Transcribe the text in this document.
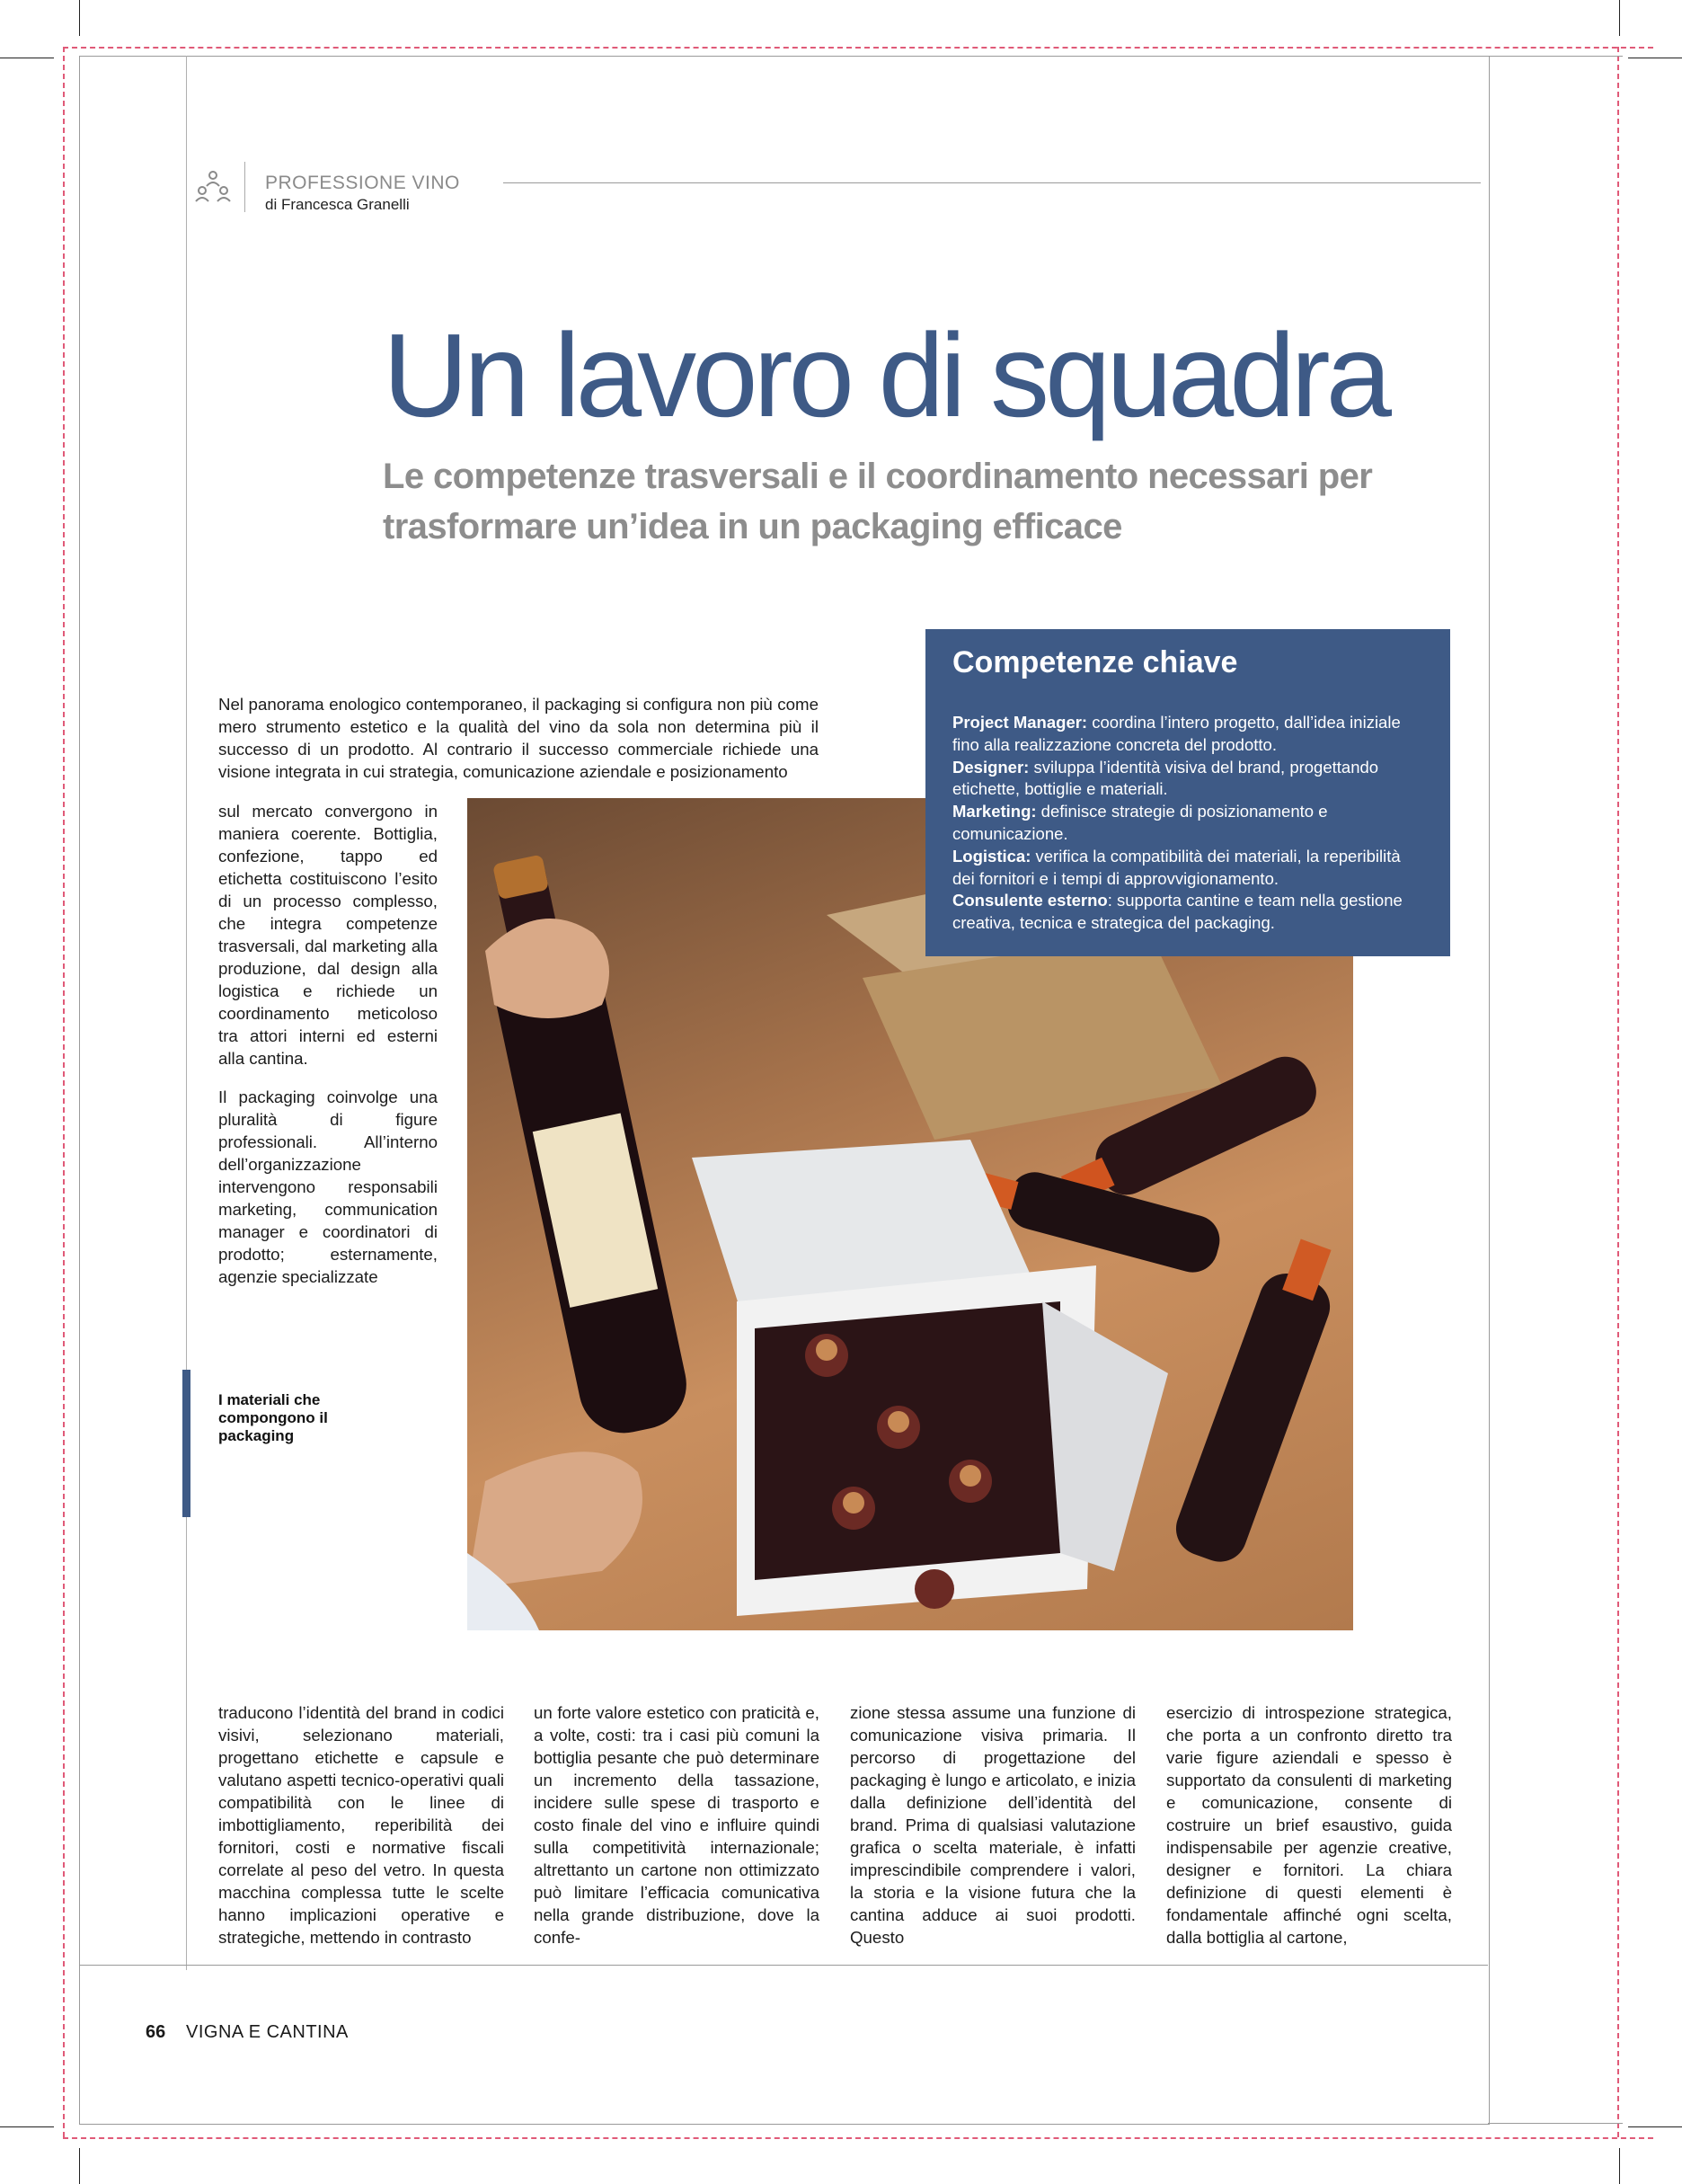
PROFESSIONE VINO
di Francesca Granelli
Un lavoro di squadra
Le competenze trasversali e il coordinamento necessari per trasformare un’idea in un packaging efficace
Nel panorama enologico contemporaneo, il packaging si configura non più come mero strumento estetico e la qualità del vino da sola non determina più il successo di un prodotto. Al contrario il successo commerciale richiede una visione integrata in cui strategia, comunicazione aziendale e posizionamento

sul mercato convergono in maniera coerente. Bottiglia, confezione, tappo ed etichetta costituiscono l’esito di un processo complesso, che integra competenze trasversali, dal marketing alla produzione, dal design alla logistica e richiede un coordinamento meticoloso tra attori interni ed esterni alla cantina.

Il packaging coinvolge una pluralità di figure professionali. All’interno dell’organizzazione intervengono responsabili marketing, communication manager e coordinatori di prodotto; esternamente, agenzie specializzate

Competenze chiave
Project Manager: coordina l’intero progetto, dall’idea iniziale fino alla realizzazione concreta del prodotto.
Designer: sviluppa l’identità visiva del brand, progettando etichette, bottiglie e materiali.
Marketing: definisce strategie di posizionamento e comunicazione.
Logistica: verifica la compatibilità dei materiali, la reperibilità dei fornitori e i tempi di approvvigionamento.
Consulente esterno: supporta cantine e team nella gestione creativa, tecnica e strategica del packaging.
I materiali che compongono il packaging
traducono l’identità del brand in codici visivi, selezionano materiali, progettano etichette e capsule e valutano aspetti tecnico-operativi quali compatibilità con le linee di imbottigliamento, reperibilità dei fornitori, costi e normative fiscali correlate al peso del vetro. In questa macchina complessa tutte le scelte hanno implicazioni operative e strategiche, mettendo in contrasto
un forte valore estetico con praticità e, a volte, costi: tra i casi più comuni la bottiglia pesante che può determinare un incremento della tassazione, incidere sulle spese di trasporto e costo finale del vino e influire quindi sulla competitività internazionale; altrettanto un cartone non ottimizzato può limitare l’efficacia comunicativa nella grande distribuzione, dove la confe-
zione stessa assume una funzione di comunicazione visiva primaria. Il percorso di progettazione del packaging è lungo e articolato, e inizia dalla definizione dell’identità del brand. Prima di qualsiasi valutazione grafica o scelta materiale, è infatti imprescindibile comprendere i valori, la storia e la visione futura che la cantina adduce ai suoi prodotti. Questo
esercizio di introspezione strategica, che porta a un confronto diretto tra varie figure aziendali e spesso è supportato da consulenti di marketing e comunicazione, consente di costruire un brief esaustivo, guida indispensabile per agenzie creative, designer e fornitori. La chiara definizione di questi elementi è fondamentale affinché ogni scelta, dalla bottiglia al cartone,
66 VIGNA E CANTINA
